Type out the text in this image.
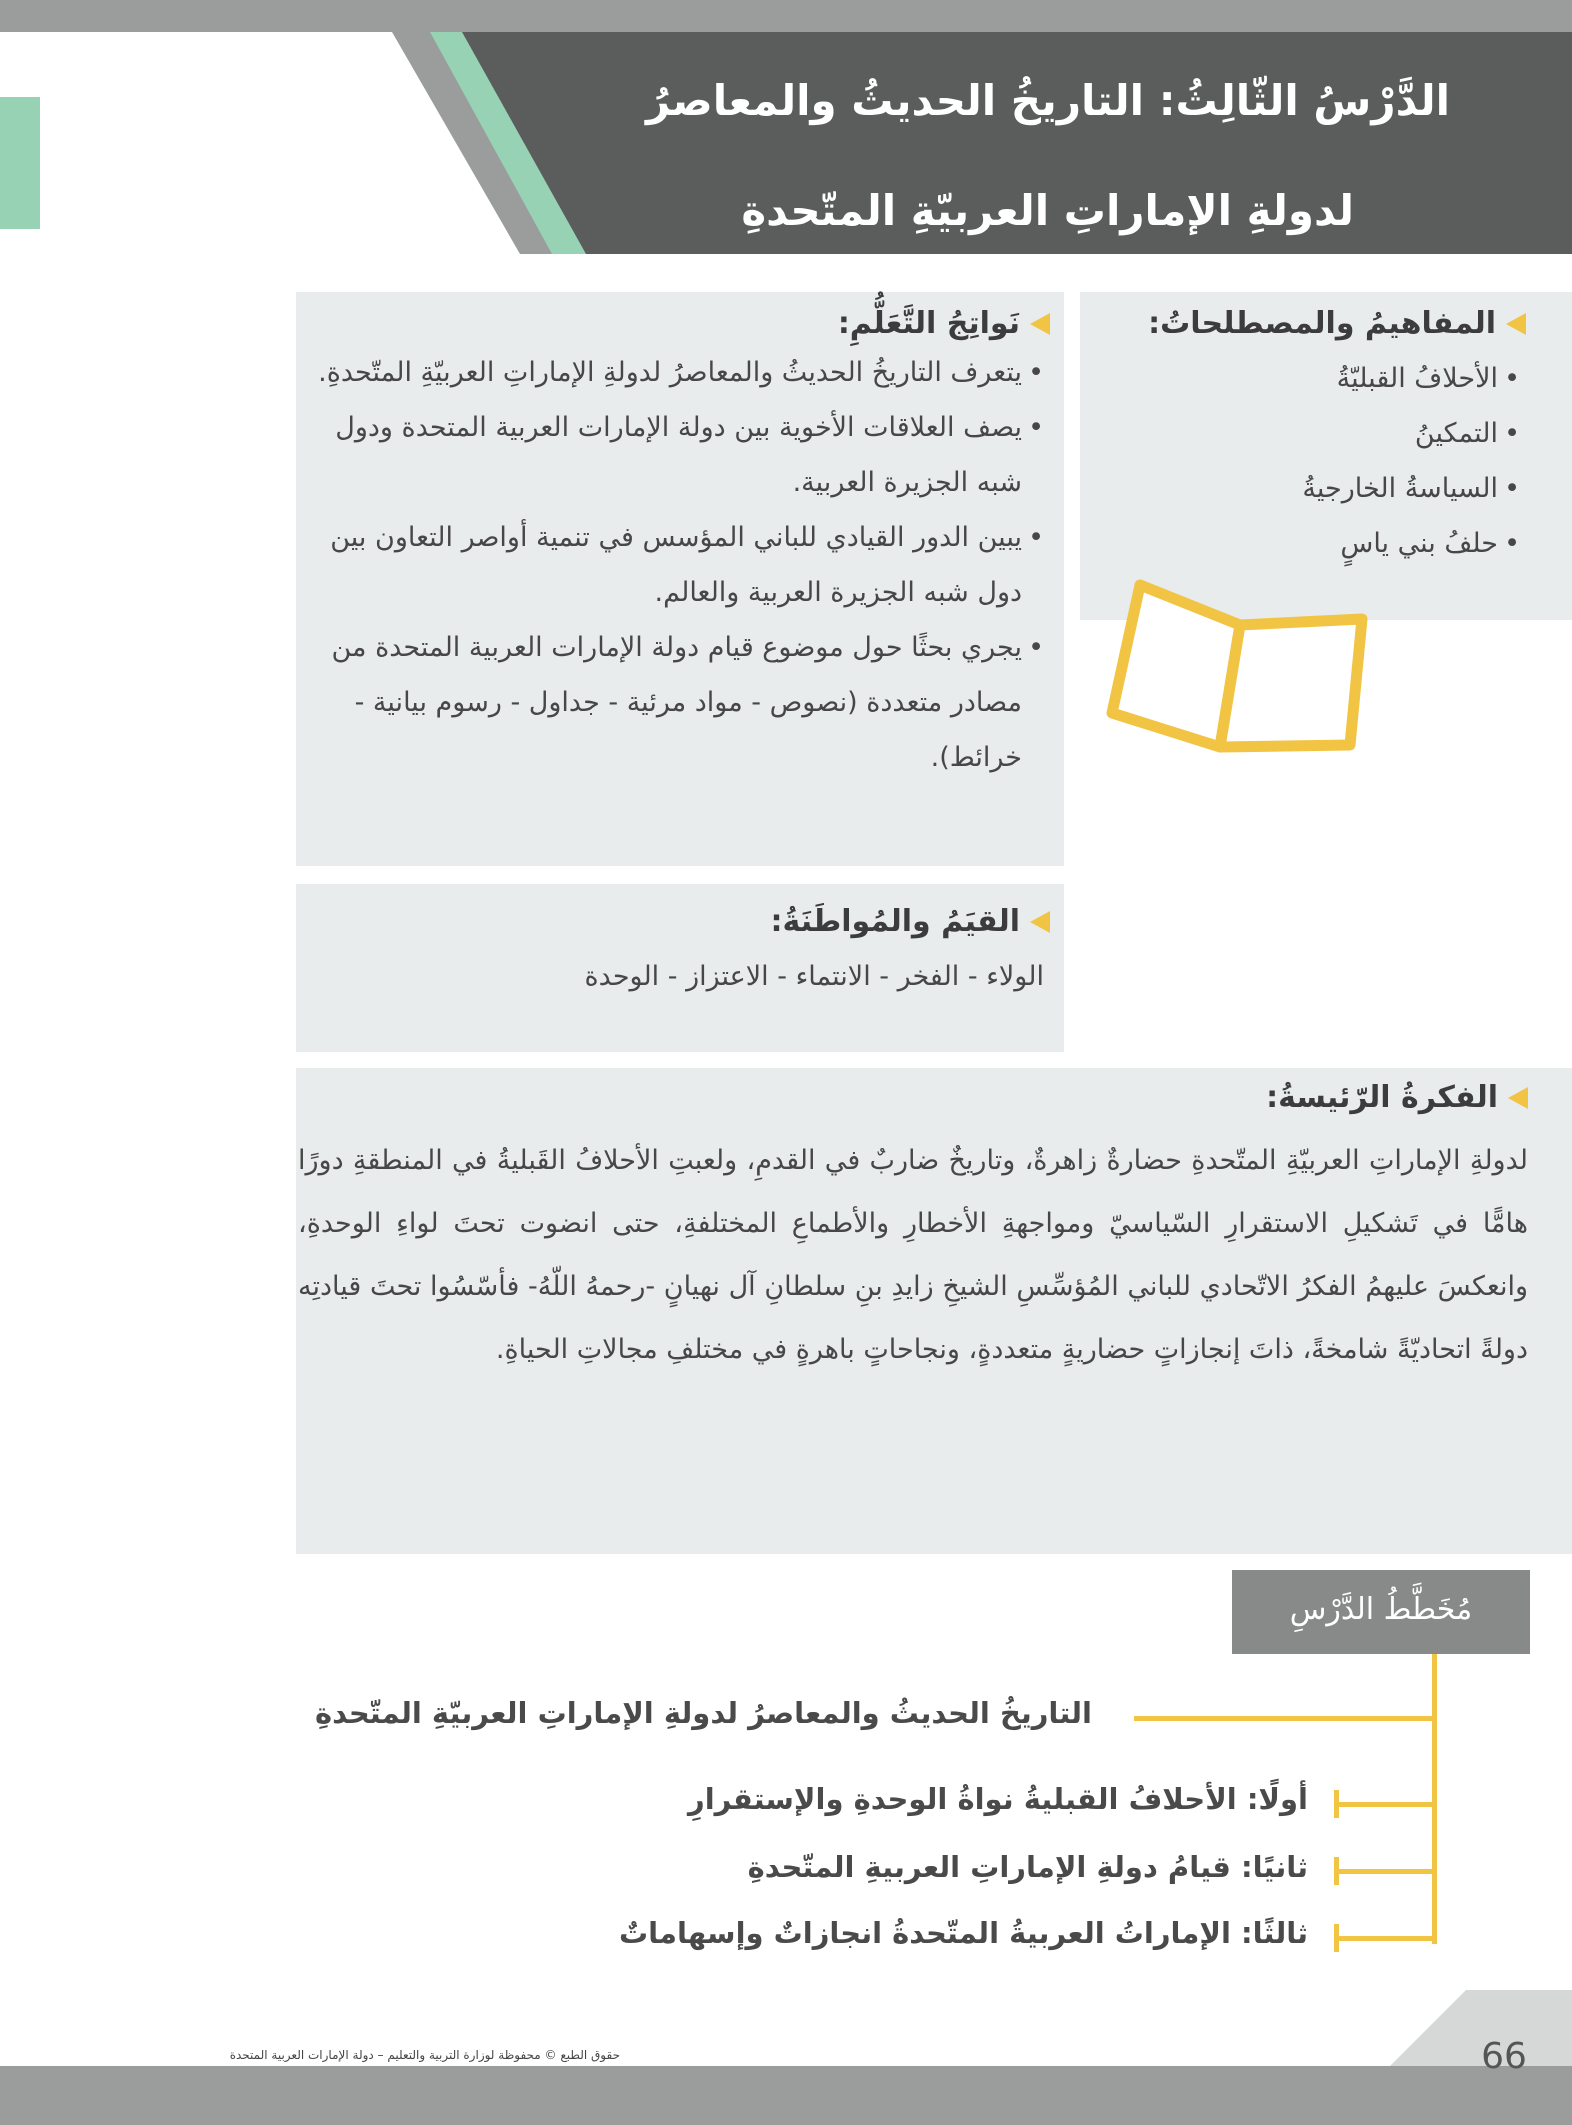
الدَّرْسُ الثّالِثُ: التاريخُ الحديثُ والمعاصرُ
لدولةِ الإماراتِ العربيّةِ المتّحدةِ
المفاهيمُ والمصطلحاتُ:
• الأحلافُ القبليّةُ
• التمكينُ
• السياسةُ الخارجيةُ
• حلفُ بني ياسٍ
نَواتِجُ التَّعَلُّمِ:
• يتعرف التاريخُ الحديثُ والمعاصرُ لدولةِ الإماراتِ العربيّةِ المتّحدةِ.
• يصف العلاقات الأخوية بين دولة الإمارات العربية المتحدة ودول شبه الجزيرة العربية.
• يبين الدور القيادي للباني المؤسس في تنمية أواصر التعاون بين دول شبه الجزيرة العربية والعالم.
• يجري بحثًا حول موضوع قيام دولة الإمارات العربية المتحدة من مصادر متعددة (نصوص - مواد مرئية - جداول - رسوم بيانية - خرائط).
القيَمُ والمُواطَنَةُ:
الولاء - الفخر - الانتماء - الاعتزاز - الوحدة
الفكرةُ الرّئيسةُ:
لدولةِ الإماراتِ العربيّةِ المتّحدةِ حضارةٌ زاهرةٌ، وتاريخٌ ضاربٌ في القدمِ، ولعبتِ الأحلافُ القَبليةُ في المنطقةِ دورًا هامًّا في تَشكيلِ الاستقرارِ السّياسيّ ومواجهةِ الأخطارِ والأطماعِ المختلفةِ، حتى انضوت تحتَ لواءِ الوحدةِ، وانعكسَ عليهمُ الفكرُ الاتّحادي للباني المُؤسِّسِ الشيخِ زايدِ بنِ سلطانِ آل نهيانٍ -رحمهُ اللّهُ- فأسّسُوا تحتَ قيادتِه دولةً اتحاديّةً شامخةً، ذاتَ إنجازاتٍ حضاريةٍ متعددةٍ، ونجاحاتٍ باهرةٍ في مختلفِ مجالاتِ الحياةِ.
مُخَطَّطُ الدَّرْسِ
التاريخُ الحديثُ والمعاصرُ لدولةِ الإماراتِ العربيّةِ المتّحدةِ
أولًا: الأحلافُ القبليةُ نواةُ الوحدةِ والإستقرارِ
ثانيًا: قيامُ دولةِ الإماراتِ العربيةِ المتّحدةِ
ثالثًا: الإماراتُ العربيةُ المتّحدةُ انجازاتٌ وإسهاماتٌ
66
حقوق الطبع © محفوظة لوزارة التربية والتعليم – دولة الإمارات العربية المتحدة
